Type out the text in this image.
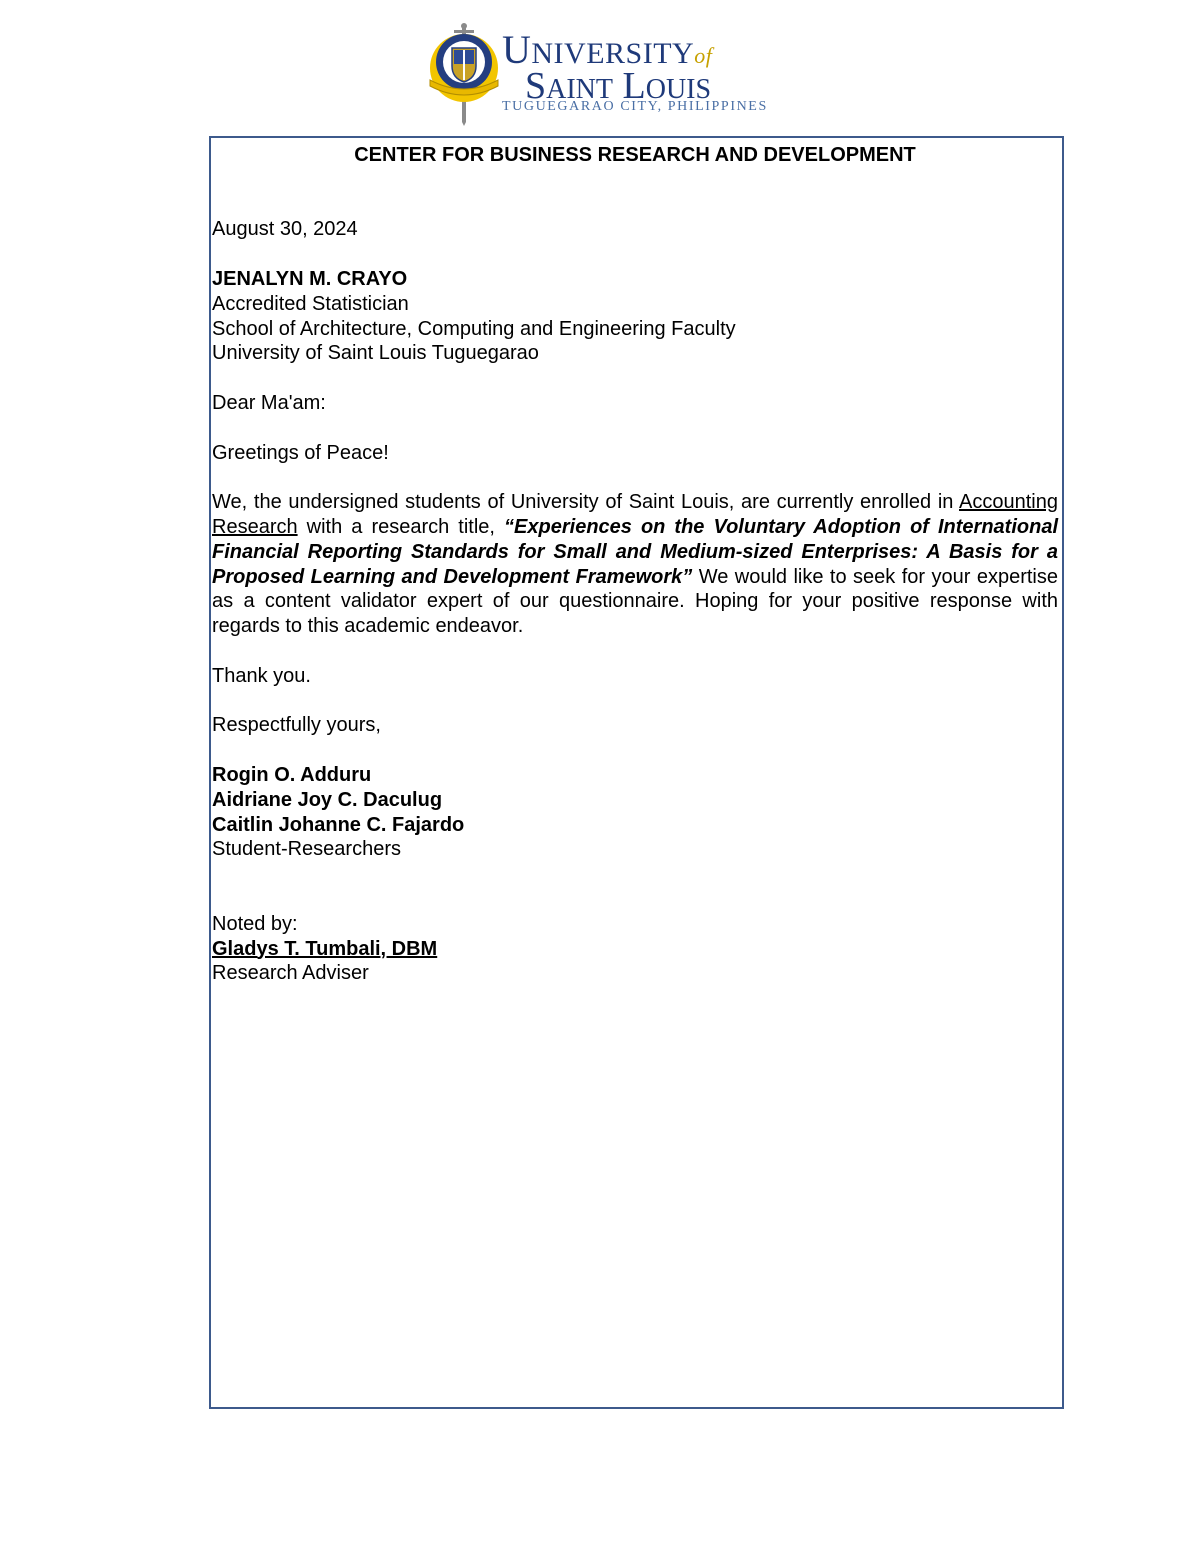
UNIVERSITYof
SAINT LOUIS
TUGUEGARAO CITY, PHILIPPINES

CENTER FOR BUSINESS RESEARCH AND DEVELOPMENT

August 30, 2024

JENALYN M. CRAYO

Accredited Statistician

School of Architecture, Computing and Engineering Faculty

University of Saint Louis Tuguegarao

Dear Ma'am:

Greetings of Peace!

We, the undersigned students of University of Saint Louis, are currently enrolled in Accounting Research with a research title, “Experiences on the Voluntary Adoption of International Financial Reporting Standards for Small and Medium-sized Enterprises: A Basis for a Proposed Learning and Development Framework” We would like to seek for your expertise as a content validator expert of our questionnaire. Hoping for your positive response with regards to this academic endeavor.

Thank you.

Respectfully yours,

Rogin O. Adduru

Aidriane Joy C. Daculug

Caitlin Johanne C. Fajardo

Student-Researchers

Noted by:

Gladys T. Tumbali, DBM

Research Adviser
